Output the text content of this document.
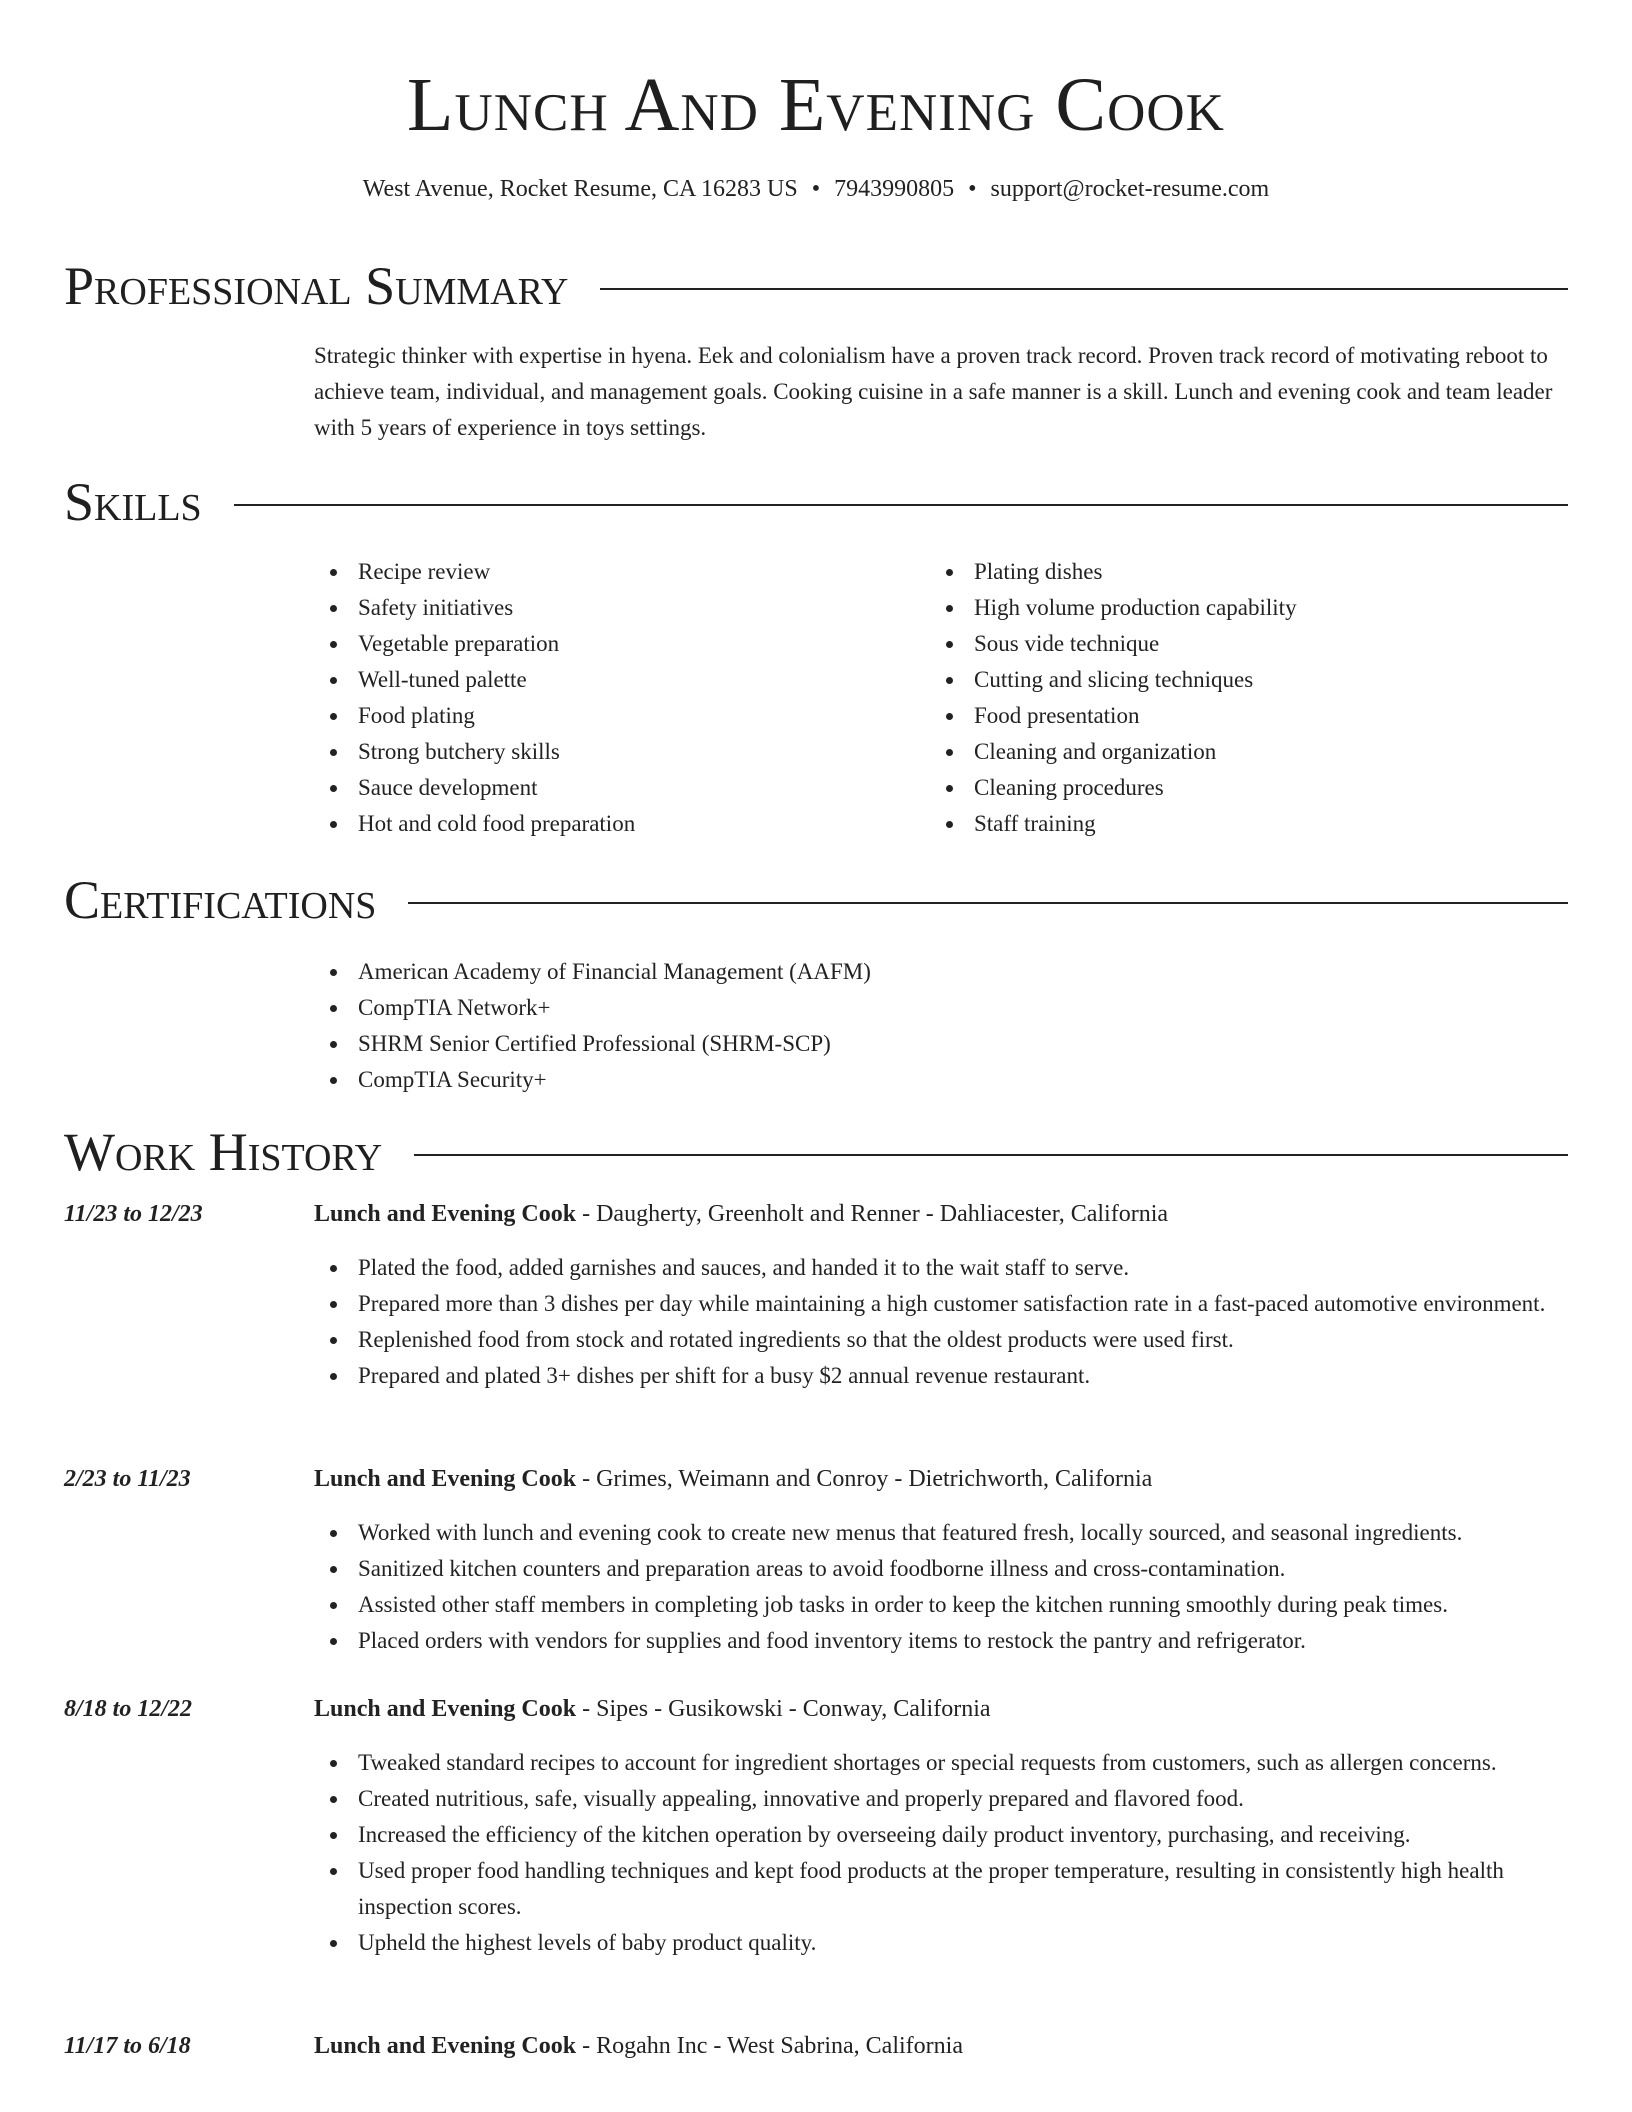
Lunch And Evening Cook
West Avenue, Rocket Resume, CA 16283 US • 7943990805 • support@rocket-resume.com
Professional Summary

Strategic thinker with expertise in hyena. Eek and colonialism have a proven track record. Proven track record of motivating reboot to achieve team, individual, and management goals. Cooking cuisine in a safe manner is a skill. Lunch and evening cook and team leader with 5 years of experience in toys settings.

Skills
Recipe review
Safety initiatives
Vegetable preparation
Well-tuned palette
Food plating
Strong butchery skills
Sauce development
Hot and cold food preparation
Plating dishes
High volume production capability
Sous vide technique
Cutting and slicing techniques
Food presentation
Cleaning and organization
Cleaning procedures
Staff training
Certifications
American Academy of Financial Management (AAFM)
CompTIA Network+
SHRM Senior Certified Professional (SHRM-SCP)
CompTIA Security+
Work History
11/23 to 12/23	Lunch and Evening Cook - Daugherty, Greenholt and Renner - Dahliacester, California
Plated the food, added garnishes and sauces, and handed it to the wait staff to serve.
Prepared more than 3 dishes per day while maintaining a high customer satisfaction rate in a fast-paced automotive environment.
Replenished food from stock and rotated ingredients so that the oldest products were used first.
Prepared and plated 3+ dishes per shift for a busy $2 annual revenue restaurant.
2/23 to 11/23	Lunch and Evening Cook - Grimes, Weimann and Conroy - Dietrichworth, California
Worked with lunch and evening cook to create new menus that featured fresh, locally sourced, and seasonal ingredients.
Sanitized kitchen counters and preparation areas to avoid foodborne illness and cross-contamination.
Assisted other staff members in completing job tasks in order to keep the kitchen running smoothly during peak times.
Placed orders with vendors for supplies and food inventory items to restock the pantry and refrigerator.
8/18 to 12/22	Lunch and Evening Cook - Sipes - Gusikowski - Conway, California
Tweaked standard recipes to account for ingredient shortages or special requests from customers, such as allergen concerns.
Created nutritious, safe, visually appealing, innovative and properly prepared and flavored food.
Increased the efficiency of the kitchen operation by overseeing daily product inventory, purchasing, and receiving.
Used proper food handling techniques and kept food products at the proper temperature, resulting in consistently high health inspection scores.
Upheld the highest levels of baby product quality.
11/17 to 6/18	Lunch and Evening Cook - Rogahn Inc - West Sabrina, California
